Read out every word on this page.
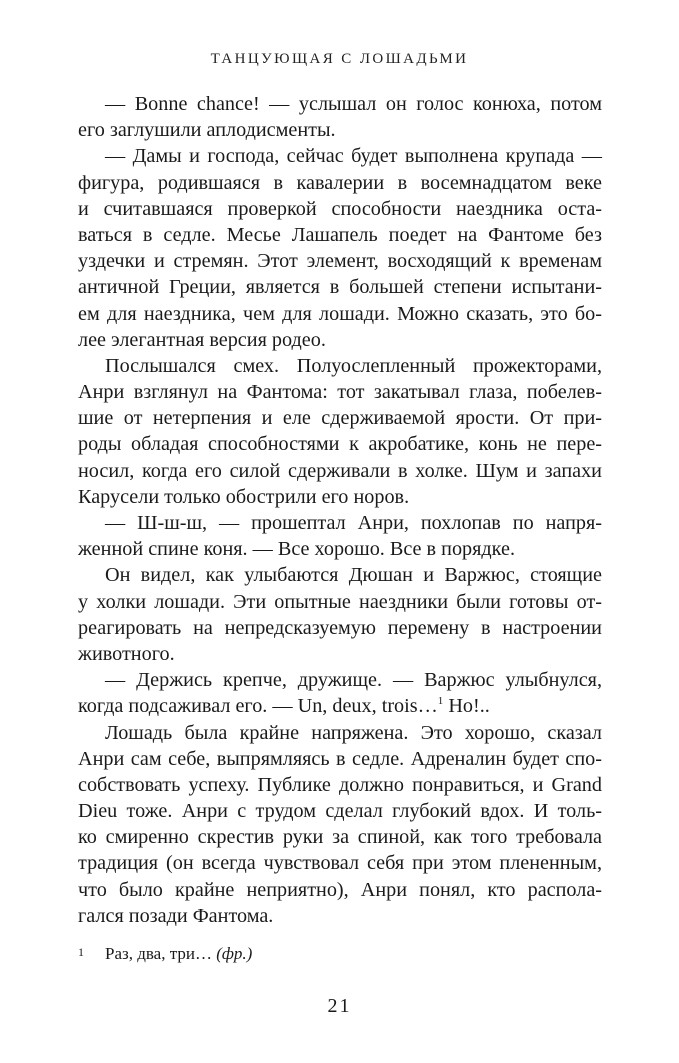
ТАНЦУЮЩАЯ С ЛОШАДЬМИ
— Bonne chance! — услышал он голос конюха, потом
его заглушили аплодисменты.
— Дамы и господа, сейчас будет выполнена крупада —
фигура, родившаяся в кавалерии в восемнадцатом веке
и считавшаяся проверкой способности наездника оста-
ваться в седле. Месье Лашапель поедет на Фантоме без
уздечки и стремян. Этот элемент, восходящий к временам
античной Греции, является в большей степени испытани-
ем для наездника, чем для лошади. Можно сказать, это бо-
лее элегантная версия родео.
Послышался смех. Полуослепленный прожекторами,
Анри взглянул на Фантома: тот закатывал глаза, побелев-
шие от нетерпения и еле сдерживаемой ярости. От при-
роды обладая способностями к акробатике, конь не пере-
носил, когда его силой сдерживали в холке. Шум и запахи
Карусели только обострили его норов.
— Ш-ш-ш, — прошептал Анри, похлопав по напря-
женной спине коня. — Все хорошо. Все в порядке.
Он видел, как улыбаются Дюшан и Варжюс, стоящие
у холки лошади. Эти опытные наездники были готовы от-
реагировать на непредсказуемую перемену в настроении
животного.
— Держись крепче, дружище. — Варжюс улыбнулся,
когда подсаживал его. — Un, deux, trois…$^1$ Ho!..
Лошадь была крайне напряжена. Это хорошо, сказал
Анри сам себе, выпрямляясь в седле. Адреналин будет спо-
собствовать успеху. Публике должно понравиться, и Grand
Dieu тоже. Анри с трудом сделал глубокий вдох. И толь-
ко смиренно скрестив руки за спиной, как того требовала
традиция (он всегда чувствовал себя при этом плененным,
что было крайне неприятно), Анри понял, кто распола-
гался позади Фантома.
1 Раз, два, три… (фр.)
21
